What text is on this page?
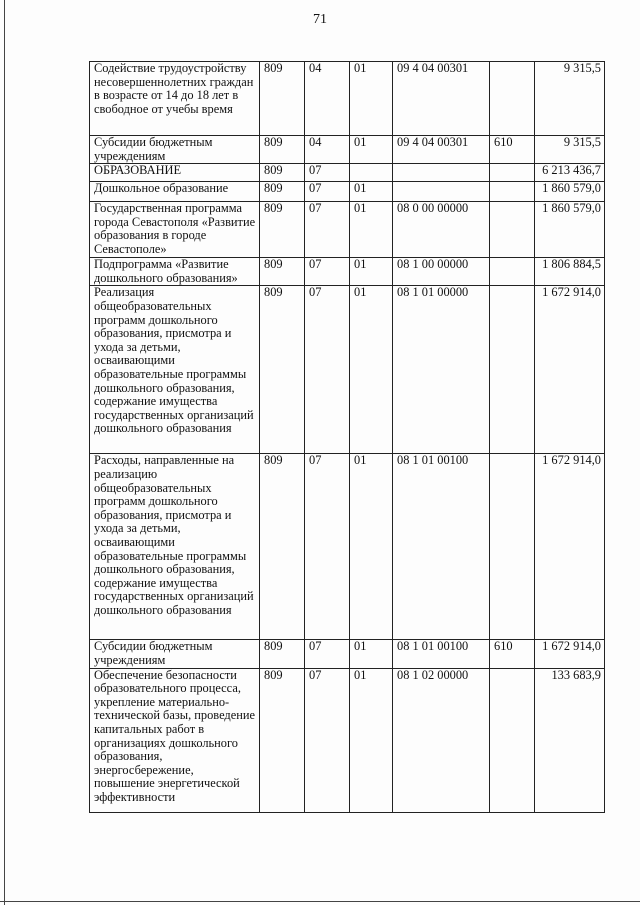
71
Содействие трудоустройству несовершеннолетних граждан в возрасте от 14 до 18 лет в свободное от учебы время	809	04	01	09 4 04 00301		9 315,5
Субсидии бюджетным учреждениям	809	04	01	09 4 04 00301	610	9 315,5
ОБРАЗОВАНИЕ	809	07				6 213 436,7
Дошкольное образование	809	07	01			1 860 579,0
Государственная программа города Севастополя «Развитие образования в городе Севастополе»	809	07	01	08 0 00 00000		1 860 579,0
Подпрограмма «Развитие дошкольного образования»	809	07	01	08 1 00 00000		1 806 884,5
Реализация общеобразовательных программ дошкольного образования, присмотра и ухода за детьми, осваивающими образовательные программы дошкольного образования, содержание имущества государственных организаций дошкольного образования	809	07	01	08 1 01 00000		1 672 914,0
Расходы, направленные на реализацию общеобразовательных программ дошкольного образования, присмотра и ухода за детьми, осваивающими образовательные программы дошкольного образования, содержание имущества государственных организаций дошкольного образования	809	07	01	08 1 01 00100		1 672 914,0
Субсидии бюджетным учреждениям	809	07	01	08 1 01 00100	610	1 672 914,0
Обеспечение безопасности образовательного процесса, укрепление материально-технической базы, проведение капитальных работ в организациях дошкольного образования, энергосбережение, повышение энергетической эффективности	809	07	01	08 1 02 00000		133 683,9
